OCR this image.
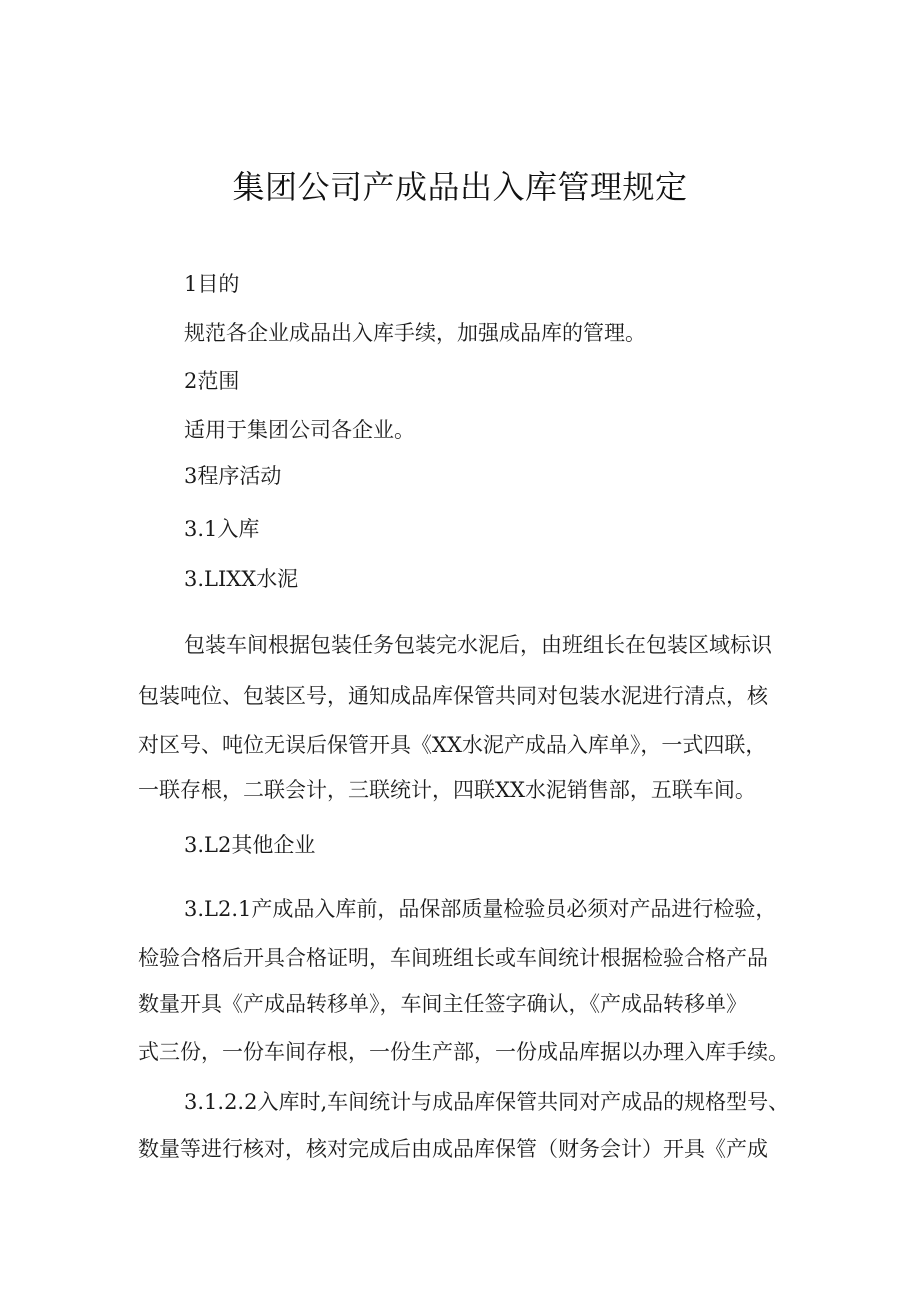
集团公司产成品出入库管理规定

1目的

规范各企业成品出入库手续，加强成品库的管理。

2范围

适用于集团公司各企业。

3程序活动

3.1入库

3.LIXX水泥

包装车间根据包装任务包装完水泥后，由班组长在包装区域标识

包装吨位、包装区号，通知成品库保管共同对包装水泥进行清点，核

对区号、吨位无误后保管开具《XX水泥产成品入库单》，一式四联，

一联存根，二联会计，三联统计，四联XX水泥销售部，五联车间。

3.L2其他企业

3.L2.1产成品入库前，品保部质量检验员必须对产品进行检验，

检验合格后开具合格证明，车间班组长或车间统计根据检验合格产品

数量开具《产成品转移单》，车间主任签字确认，《产成品转移单》

式三份，一份车间存根，一份生产部，一份成品库据以办理入库手续。

3.1.2.2入库时,车间统计与成品库保管共同对产成品的规格型号、

数量等进行核对，核对完成后由成品库保管（财务会计）开具《产成
